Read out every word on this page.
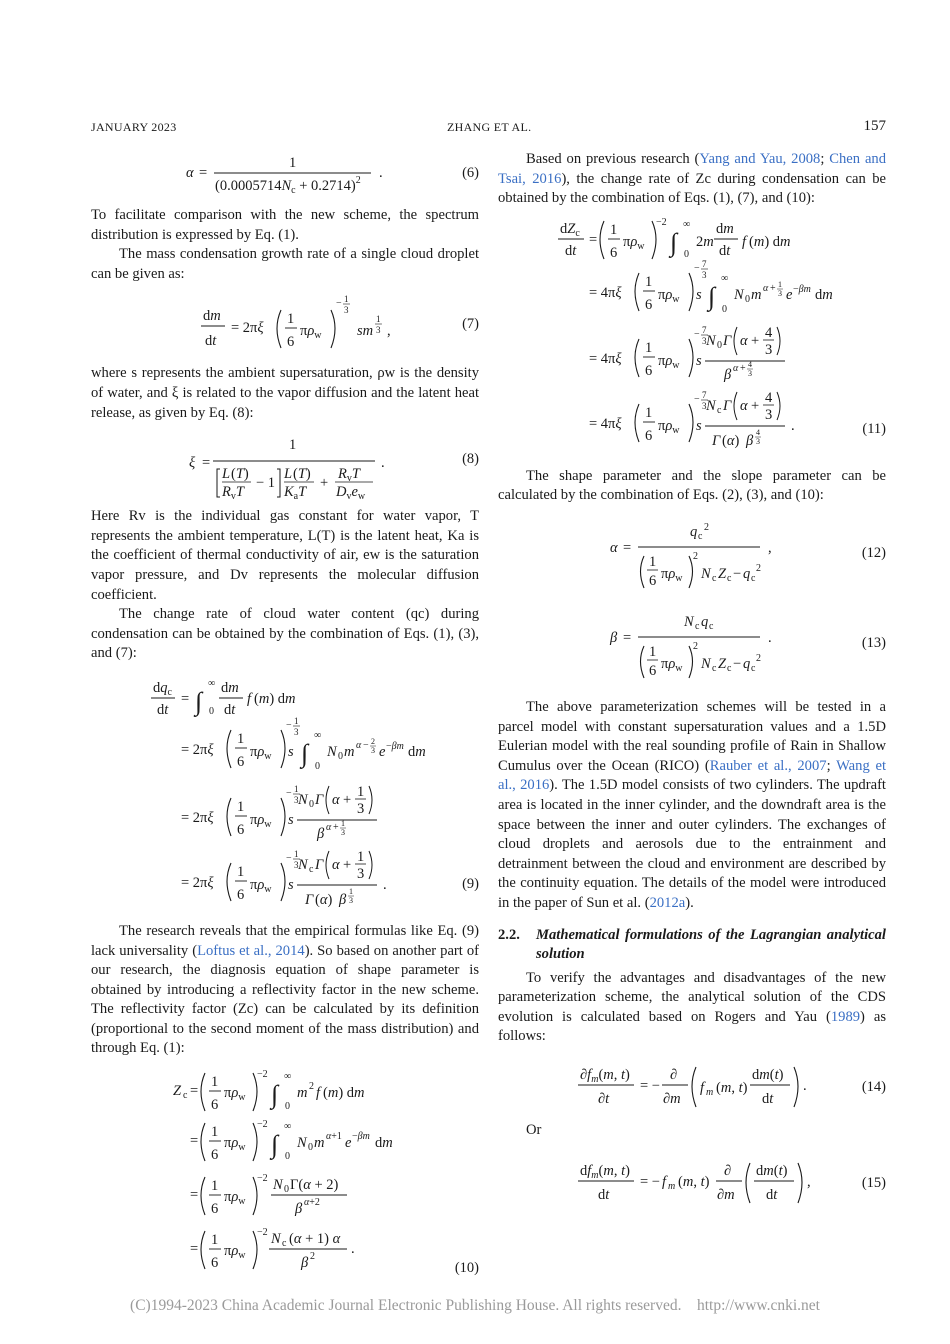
JANUARY 2023	ZHANG ET AL.	157
α =
1
$(0.0005714N_c + 0.2714)^2$ .	(6)

To facilitate comparison with the new scheme, the spectrum distribution is expressed by Eq. (1).

The mass condensation growth rate of a single cloud droplet can be given as:

dm
dt
= 2πξ
1
6
$\pi\rho_w$
− 1
3
sm
1
3 ,	(7)

where s represents the ambient supersaturation, ρw is the density of water, and ξ is related to the vapor diffusion and the latent heat release, as given by Eq. (8):

ξ =
1
L (T)
$R_vT$
− 1
L (T)
$K_aT$
+
$R_vT$
$D_ve_w$
.	(8)

Here Rv is the individual gas constant for water vapor, T represents the ambient temperature, L(T) is the latent heat, Ka is the coefficient of thermal conductivity of air, ew is the saturation vapor pressure, and Dv represents the molecular diffusion coefficient.

The change rate of cloud water content (qc) during condensation can be obtained by the combination of Eqs. (1), (3), and (7):

$dq_c$
dt
= ∫
∞
0
dm
dt
f (m) dm
= 2πξ
1
6
$\pi\rho_w$
− 1
3
s ∫
∞
0
N 0 m α − 2
3 e −βm dm
= 2πξ
1
6
$\pi\rho_w$
− 1
3
s
N 0 Γ α + 1
3
β α + 1
3
= 2πξ
1
6
$\pi\rho_w$
− 1
3
s
N c Γ α + 1
3
Γ (α) β
1
3
.	(9)

The research reveals that the empirical formulas like Eq. (9) lack universality (Loftus et al., 2014). So based on another part of our research, the diagnosis equation of shape parameter is obtained by introducing a reflectivity factor in the new scheme. The reflectivity factor (Zc) can be calculated by its definition (proportional to the second moment of the mass distribution) and through Eq. (1):

Z c =
1
6
$\pi\rho_w$
−2
∫
∞
0
m 2 f (m) dm
=
1
6
$\pi\rho_w$
−2
∫
∞
0
N 0 m α+1 e −βm dm
=
1
6
$\pi\rho_w$
−2 N 0 Γ(α + 2)
β α+2
=
1
6
$\pi\rho_w$
−2 N c (α + 1) α
β 2 .
(10)

Based on previous research (Yang and Yau, 2008; Chen and Tsai, 2016), the change rate of Zc during condensation can be obtained by the combination of Eqs. (1), (7), and (10):

$dZ_c$
dt
=
1
6
$\pi\rho_w$
−2
∫
∞
0
2m
dm
dt
f (m) dm
= 4πξ
1
6
$\pi\rho_w$
− 7
3
s ∫
∞
0
N 0 m α + 1
3 e −βm dm
= 4πξ
1
6
$\pi\rho_w$
− 7
3
s
N 0 Γ α + 4
3
β α + 4
3
= 4πξ
1
6
$\pi\rho_w$
− 7
3
s
N c Γ α + 4
3
Γ (α) β
4
3
.	(11)

The shape parameter and the slope parameter can be calculated by the combination of Eqs. (2), (3), and (10):

α =
q c
2
1
6 $\pi\rho_w$
2
N c Z c − q c
2
,	(12)
β =
N c q c
1
6 $\pi\rho_w$
2
N c Z c − q c
2
.	(13)

The above parameterization schemes will be tested in a parcel model with constant supersaturation values and a 1.5D Eulerian model with the real sounding profile of Rain in Shallow Cumulus over the Ocean (RICO) (Rauber et al., 2007; Wang et al., 2016). The 1.5D model consists of two cylinders. The updraft area is located in the inner cylinder, and the downdraft area is the space between the inner and outer cylinders. The exchanges of cloud droplets and aerosols due to the entrainment and detrainment between the cloud and environment are described by the continuity equation. The details of the model were introduced in the paper of Sun et al. (2012a).

2.2. Mathematical formulations of the Lagrangian analytical solution

To verify the advantages and disadvantages of the new parameterization scheme, the analytical solution of the CDS evolution is calculated based on Rogers and Yau (1989) as follows:

$\partial f_m(m$, t)
∂t
= −
∂
∂m
f m (m, t)
dm(t)
dt
.	(14)

Or

$df_m(m$, t)
dt
= − f m (m, t)
∂
∂m
dm(t)
dt
,	(15)
(C)1994-2023 China Academic Journal Electronic Publishing House. All rights reserved.    http://www.cnki.net
